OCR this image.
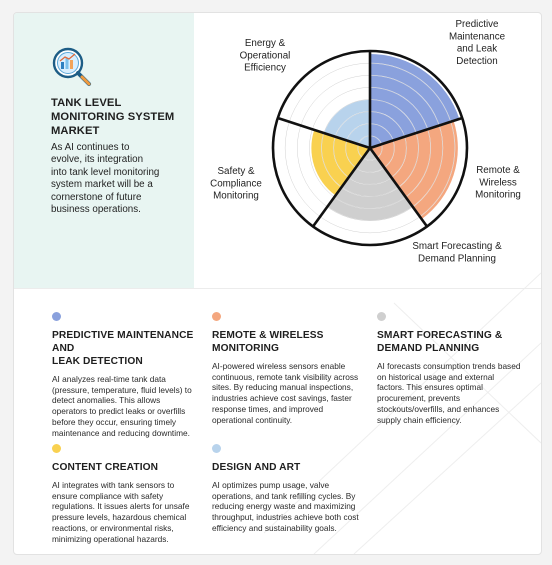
TANK LEVEL MONITORING SYSTEM MARKET
As AI continues to evolve, its integration into tank level monitoring system market will be a cornerstone of future business operations.
Predictive Maintenance and Leak Detection
Remote & Wireless Monitoring
Smart Forecasting & Demand Planning
Safety & Compliance Monitoring
Energy & Operational Efficiency
PREDICTIVE MAINTENANCE AND
LEAK DETECTION

AI analyzes real-time tank data (pressure, temperature, fluid levels) to detect anomalies. This allows operators to predict leaks or overfills before they occur, ensuring timely maintenance and reducing downtime.

REMOTE & WIRELESS
MONITORING

AI-powered wireless sensors enable continuous, remote tank visibility across sites. By reducing manual inspections, industries achieve cost savings, faster response times, and improved operational continuity.

SMART FORECASTING &
DEMAND PLANNING

AI forecasts consumption trends based on historical usage and external factors. This ensures optimal procurement, prevents stockouts/overfills, and enhances supply chain efficiency.

CONTENT CREATION

AI integrates with tank sensors to ensure compliance with safety regulations. It issues alerts for unsafe pressure levels, hazardous chemical reactions, or environmental risks, minimizing operational hazards.

DESIGN AND ART

AI optimizes pump usage, valve operations, and tank refilling cycles. By reducing energy waste and maximizing throughput, industries achieve both cost efficiency and sustainability goals.
